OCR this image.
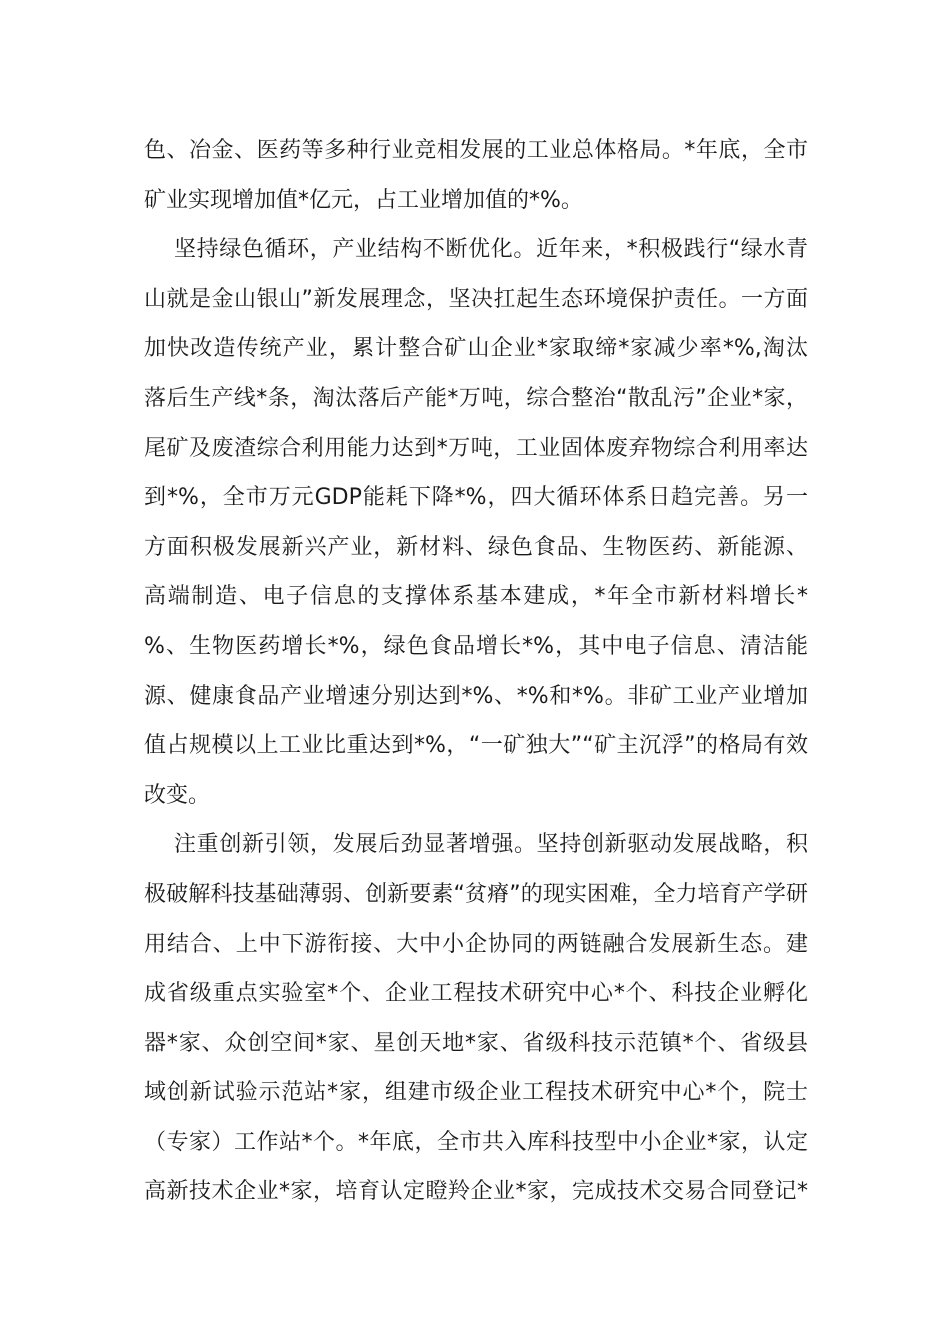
色、冶金、医药等多种行业竞相发展的工业总体格局。*年底，全市
矿业实现增加值*亿元，占工业增加值的*%。
坚持绿色循环，产业结构不断优化。近年来，*积极践行“绿水青
山就是金山银山”新发展理念，坚决扛起生态环境保护责任。一方面
加快改造传统产业，累计整合矿山企业*家取缔*家减少率*%,淘汰
落后生产线*条，淘汰落后产能*万吨，综合整治“散乱污”企业*家，
尾矿及废渣综合利用能力达到*万吨，工业固体废弃物综合利用率达
到*%，全市万元GDP能耗下降*%，四大循环体系日趋完善。另一
方面积极发展新兴产业，新材料、绿色食品、生物医药、新能源、
高端制造、电子信息的支撑体系基本建成，*年全市新材料增长*
%、生物医药增长*%，绿色食品增长*%，其中电子信息、清洁能
源、健康食品产业增速分别达到*%、*%和*%。非矿工业产业增加
值占规模以上工业比重达到*%，“一矿独大”“矿主沉浮”的格局有效
改变。
注重创新引领，发展后劲显著增强。坚持创新驱动发展战略，积
极破解科技基础薄弱、创新要素“贫瘠”的现实困难，全力培育产学研
用结合、上中下游衔接、大中小企协同的两链融合发展新生态。建
成省级重点实验室*个、企业工程技术研究中心*个、科技企业孵化
器*家、众创空间*家、星创天地*家、省级科技示范镇*个、省级县
域创新试验示范站*家，组建市级企业工程技术研究中心*个，院士
（专家）工作站*个。*年底，全市共入库科技型中小企业*家，认定
高新技术企业*家，培育认定瞪羚企业*家，完成技术交易合同登记*
